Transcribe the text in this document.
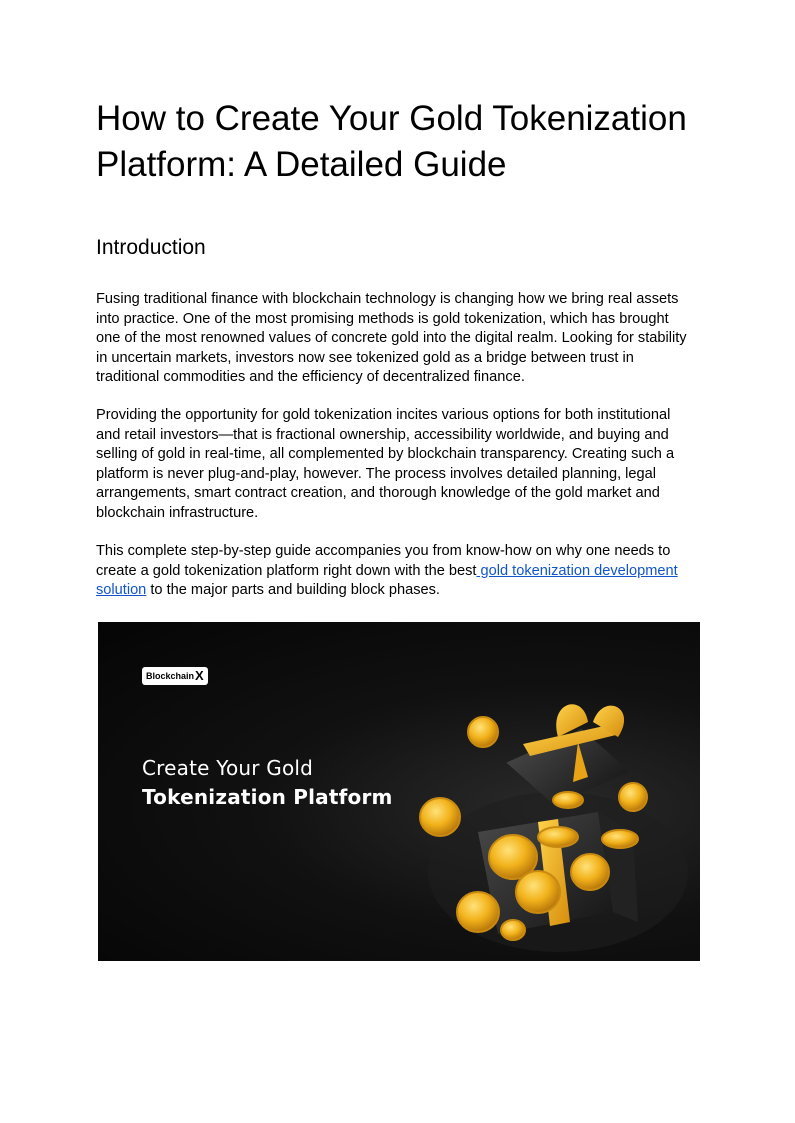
How to Create Your Gold Tokenization Platform: A Detailed Guide
Introduction

Fusing traditional finance with blockchain technology is changing how we bring real assets into practice. One of the most promising methods is gold tokenization, which has brought one of the most renowned values of concrete gold into the digital realm. Looking for stability in uncertain markets, investors now see tokenized gold as a bridge between trust in traditional commodities and the efficiency of decentralized finance.

Providing the opportunity for gold tokenization incites various options for both institutional and retail investors—that is fractional ownership, accessibility worldwide, and buying and selling of gold in real-time, all complemented by blockchain transparency. Creating such a platform is never plug-and-play, however. The process involves detailed planning, legal arrangements, smart contract creation, and thorough knowledge of the gold market and blockchain infrastructure.

This complete step-by-step guide accompanies you from know-how on why one needs to create a gold tokenization platform right down with the best gold tokenization development solution to the major parts and building block phases.

Blockchain X
Create Your Gold
Tokenization Platform
